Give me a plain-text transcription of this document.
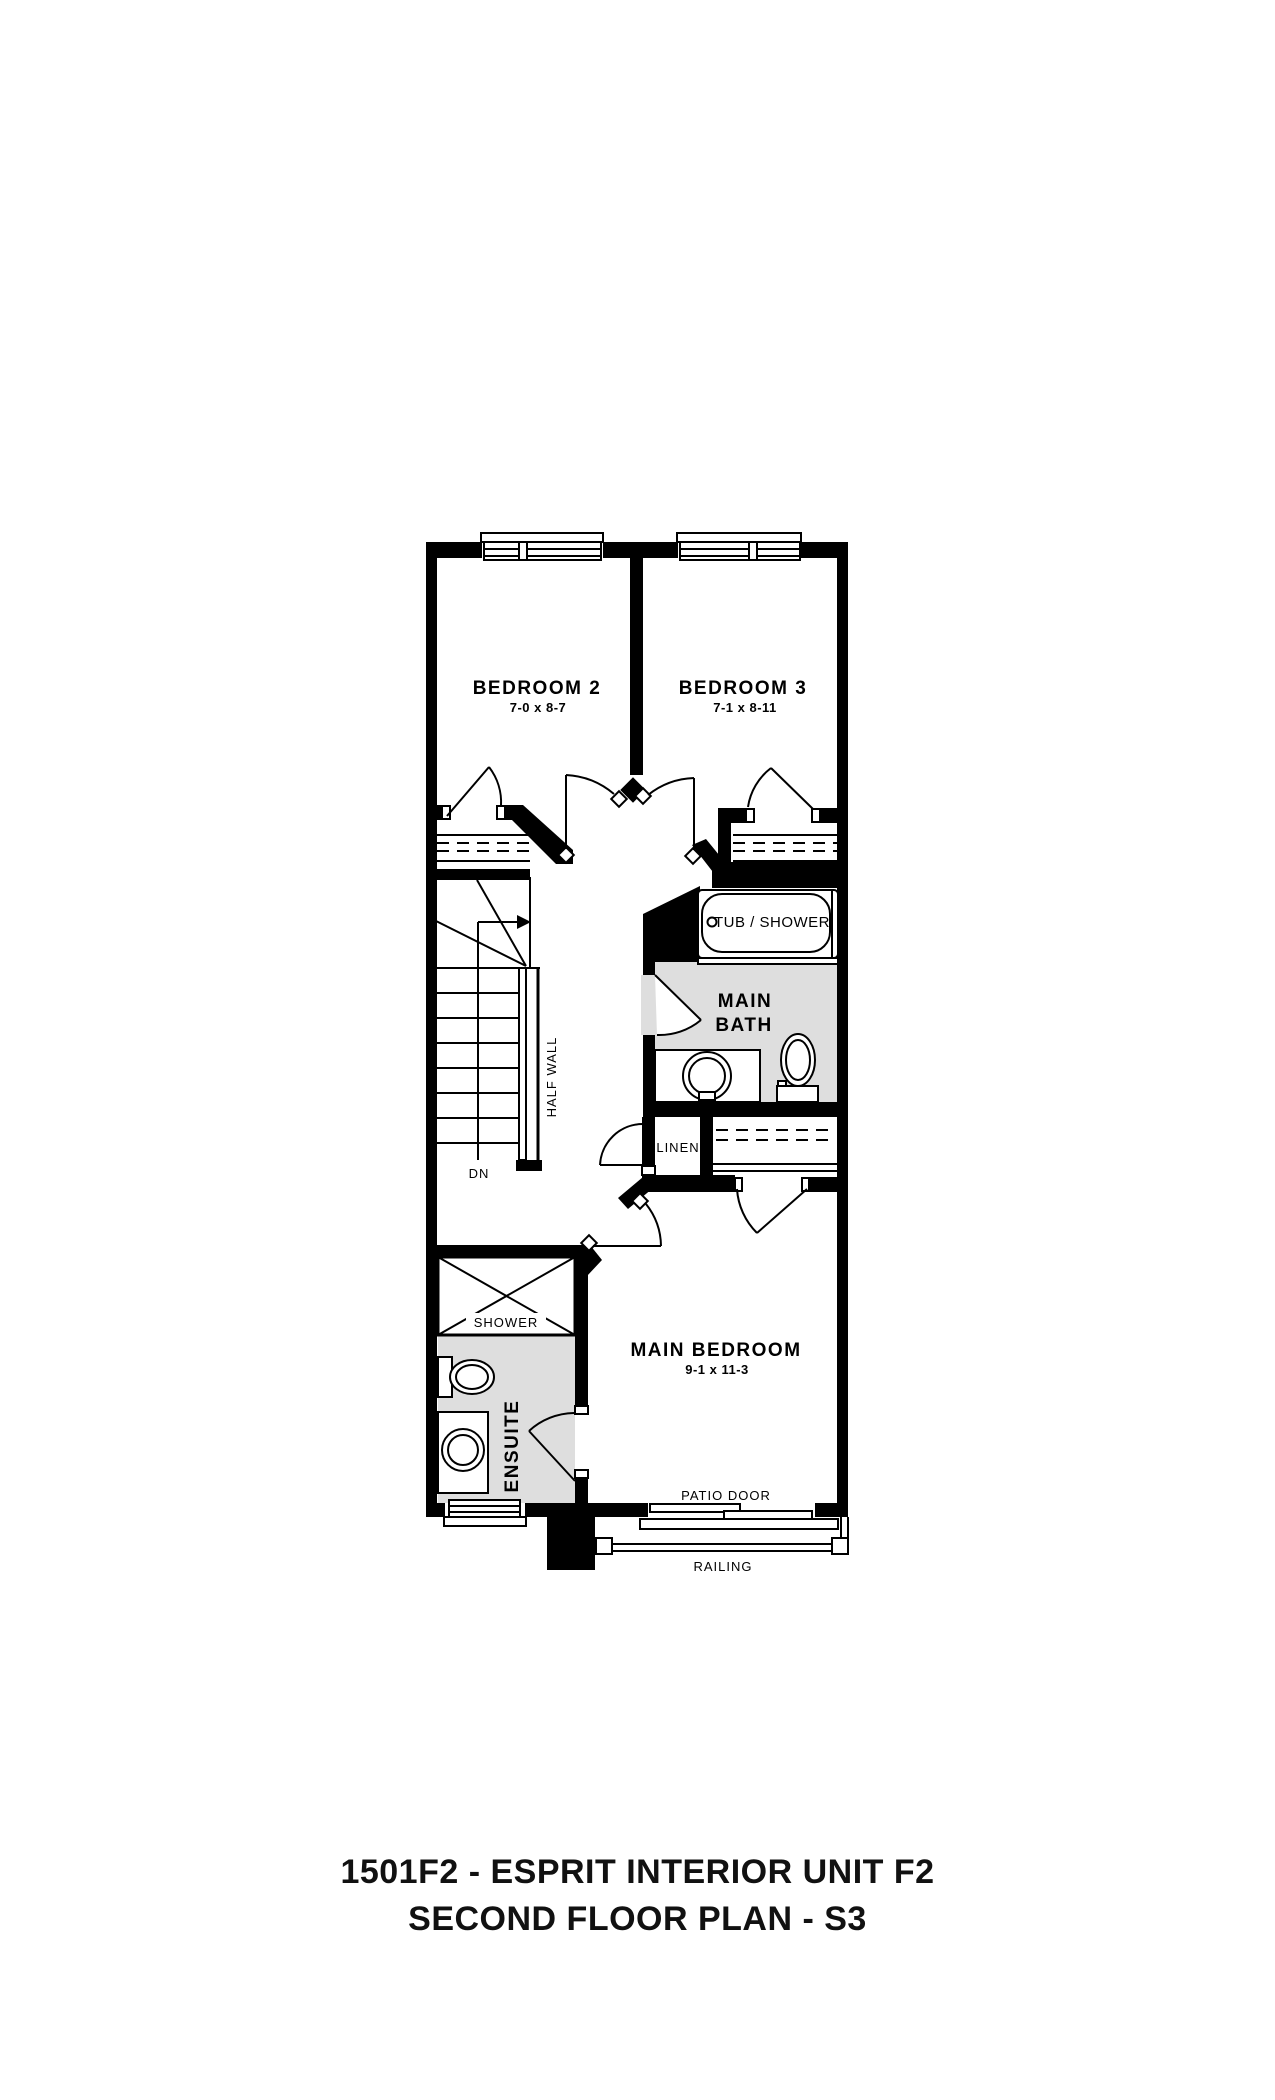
BEDROOM 2
7-0 x 8-7
BEDROOM 3
7-1 x 8-11
TUB / SHOWER
MAIN
BATH
LINEN
HALF WALL
DN
SHOWER
ENSUITE
MAIN BEDROOM
9-1 x 11-3
PATIO DOOR
RAILING
1501F2 - ESPRIT INTERIOR UNIT F2
SECOND FLOOR PLAN - S3
